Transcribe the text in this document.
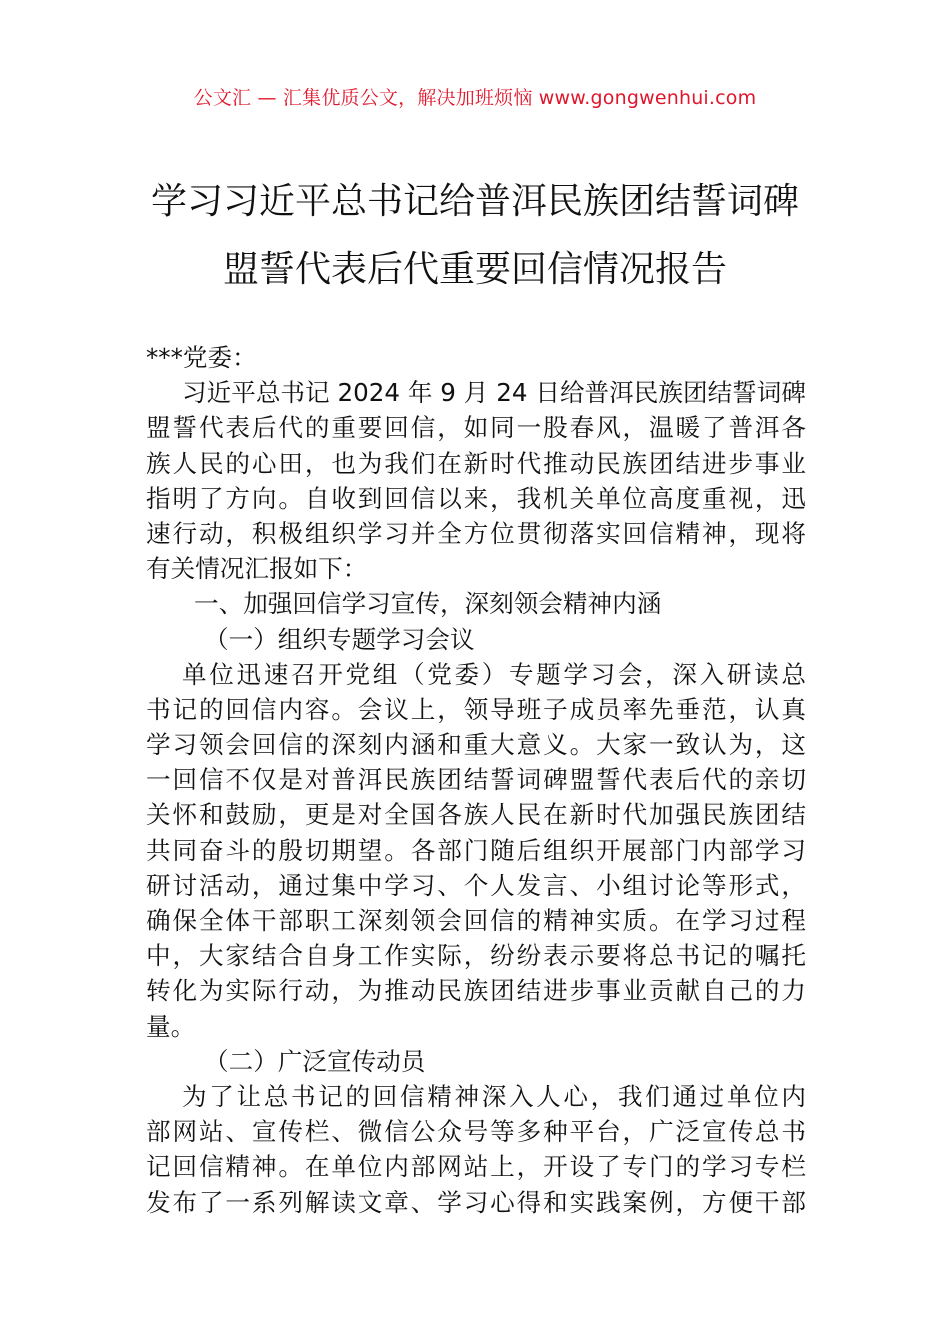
公文汇 — 汇集优质公文，解决加班烦恼 www.gongwenhui.com
学习习近平总书记给普洱民族团结誓词碑
盟誓代表后代重要回信情况报告
***党委：
习近平总书记 2024 年 9 月 24 日给普洱民族团结誓词碑
盟誓代表后代的重要回信，如同一股春风，温暖了普洱各
族人民的心田，也为我们在新时代推动民族团结进步事业
指明了方向。自收到回信以来，我机关单位高度重视，迅
速行动，积极组织学习并全方位贯彻落实回信精神，现将
有关情况汇报如下：
一、加强回信学习宣传，深刻领会精神内涵
（一）组织专题学习会议
单位迅速召开党组（党委）专题学习会，深入研读总
书记的回信内容。会议上，领导班子成员率先垂范，认真
学习领会回信的深刻内涵和重大意义。大家一致认为，这
一回信不仅是对普洱民族团结誓词碑盟誓代表后代的亲切
关怀和鼓励，更是对全国各族人民在新时代加强民族团结
共同奋斗的殷切期望。各部门随后组织开展部门内部学习
研讨活动，通过集中学习、个人发言、小组讨论等形式，
确保全体干部职工深刻领会回信的精神实质。在学习过程
中，大家结合自身工作实际，纷纷表示要将总书记的嘱托
转化为实际行动，为推动民族团结进步事业贡献自己的力
量。
（二）广泛宣传动员
为了让总书记的回信精神深入人心，我们通过单位内
部网站、宣传栏、微信公众号等多种平台，广泛宣传总书
记回信精神。在单位内部网站上，开设了专门的学习专栏
发布了一系列解读文章、学习心得和实践案例，方便干部
